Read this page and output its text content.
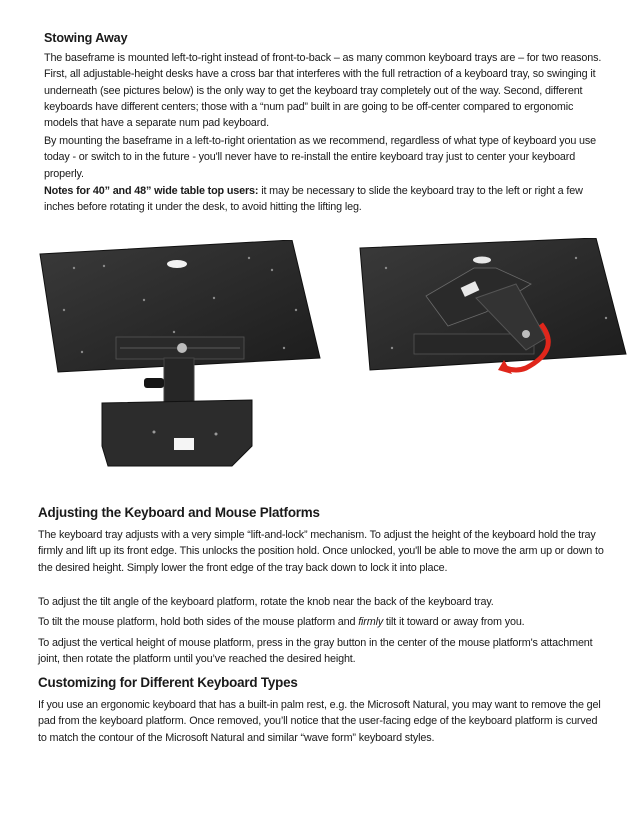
Stowing Away
The baseframe is mounted left-to-right instead of front-to-back – as many common keyboard trays are – for two reasons. First, all adjustable-height desks have a cross bar that interferes with the full retraction of a keyboard tray, so swinging it underneath (see pictures below) is the only way to get the keyboard tray completely out of the way. Second, different keyboards have different centers; those with a “num pad” built in are going to be off-center compared to ergonomic models that have a separate num pad keyboard.
By mounting the baseframe in a left-to-right orientation as we recommend, regardless of what type of keyboard you use today - or switch to in the future - you'll never have to re-install the entire keyboard tray just to center your keyboard properly.
Notes for 40” and 48” wide table top users: it may be necessary to slide the keyboard tray to the left or right a few inches before rotating it under the desk, to avoid hitting the lifting leg.
Adjusting the Keyboard and Mouse Platforms
The keyboard tray adjusts with a very simple “lift-and-lock” mechanism. To adjust the height of the keyboard hold the tray firmly and lift up its front edge. This unlocks the position hold. Once unlocked, you'll be able to move the arm up or down to the desired height. Simply lower the front edge of the tray back down to lock it into place.
To adjust the tilt angle of the keyboard platform, rotate the knob near the back of the keyboard tray.
To tilt the mouse platform, hold both sides of the mouse platform and firmly tilt it toward or away from you.
To adjust the vertical height of mouse platform, press in the gray button in the center of the mouse platform's attachment joint, then rotate the platform until you’ve reached the desired height.
Customizing for Different Keyboard Types
If you use an ergonomic keyboard that has a built-in palm rest, e.g. the Microsoft Natural, you may want to remove the gel pad from the keyboard platform. Once removed, you’ll notice that the user-facing edge of the keyboard platform is curved to match the contour of the Microsoft Natural and similar “wave form” keyboard styles.
